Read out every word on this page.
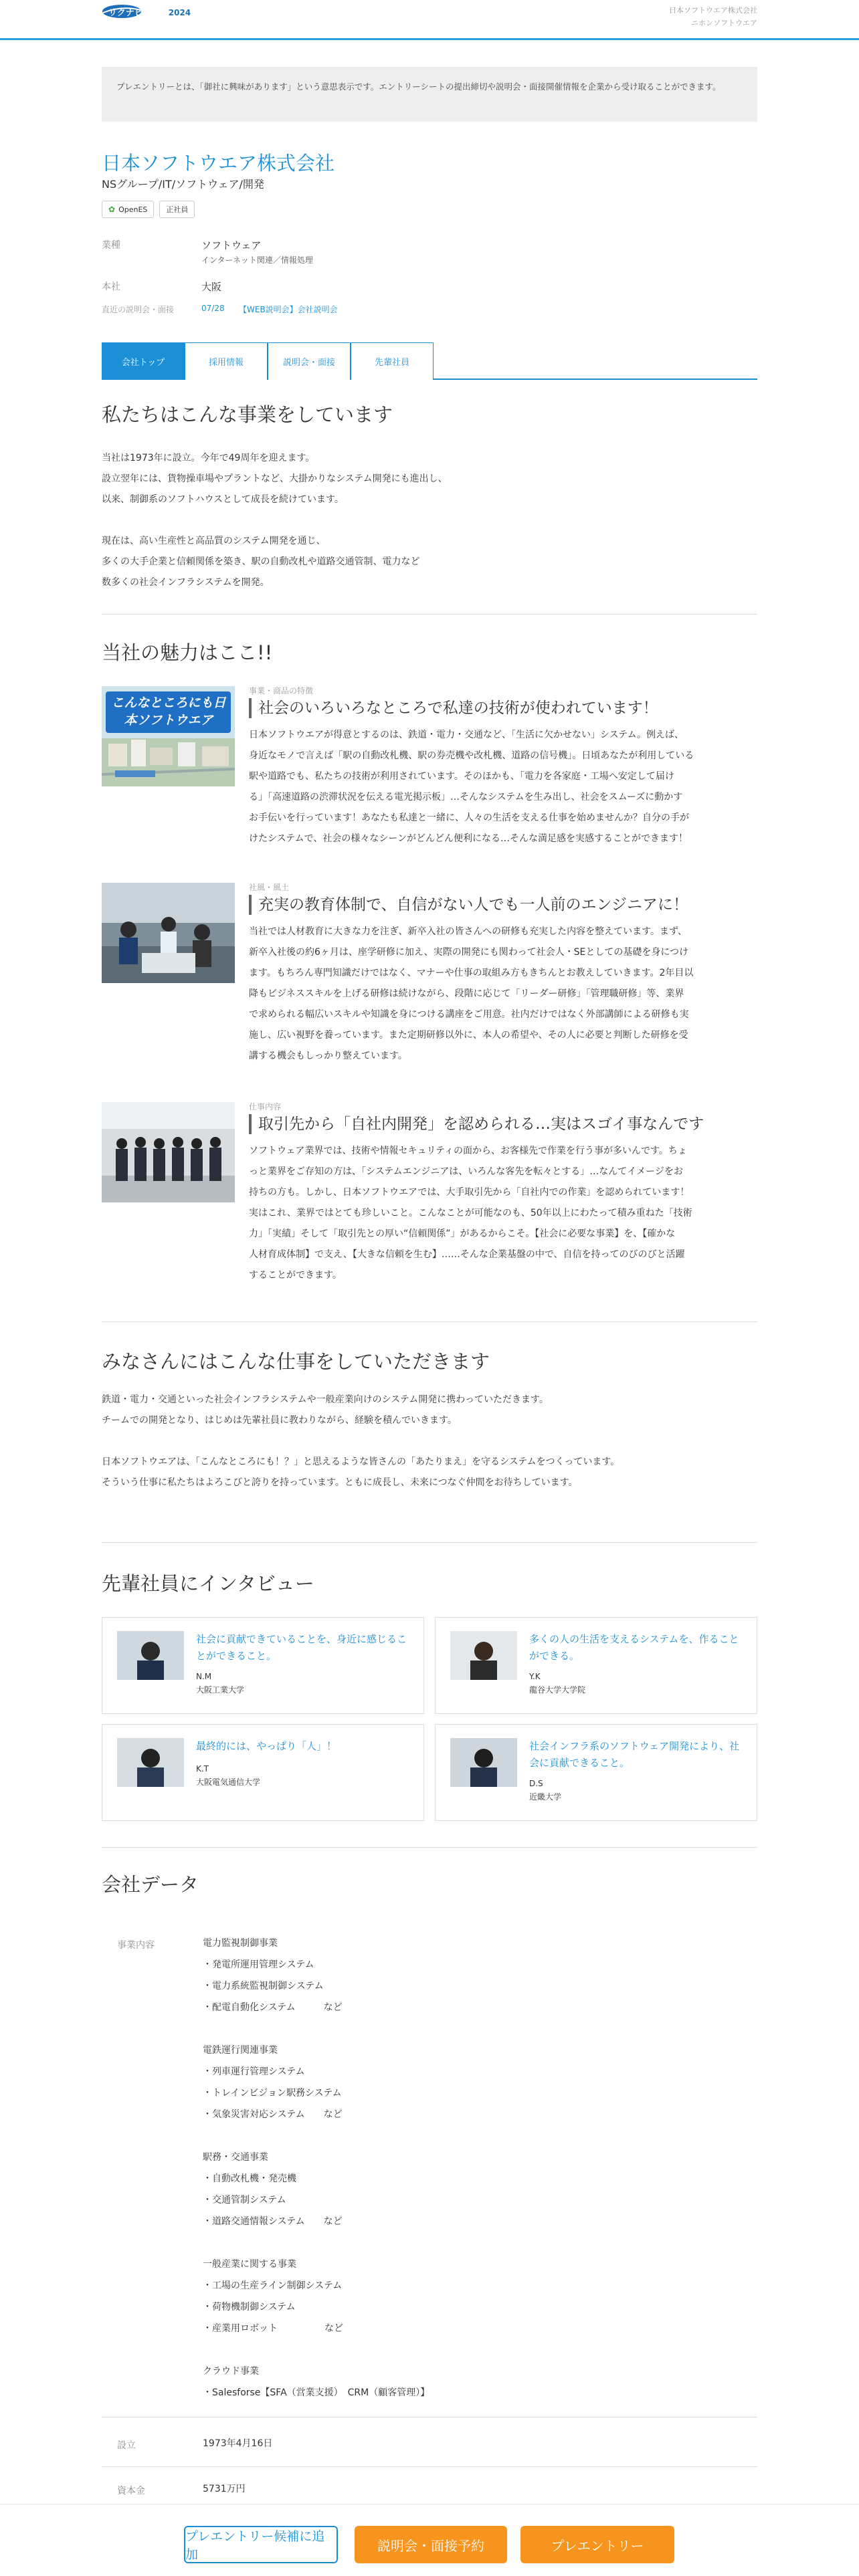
リクナビ	2024	日本ソフトウエア株式会社
ニホンソフトウエア
プレエントリーとは、「御社に興味があります」という意思表示です。エントリーシートの提出締切や説明会・面接開催情報を企業から受け取ることができます。
日本ソフトウエア株式会社
NSグループ/IT/ソフトウェア/開発
✿ OpenES	正社員
業種	ソフトウェア
インターネット関連／情報処理
本社	大阪
直近の説明会・面接	07/28 【WEB説明会】会社説明会
会社トップ	採用情報	説明会・面接	先輩社員
私たちはこんな事業をしています
当社は1973年に設立。今年で49周年を迎えます。
設立翌年には、貨物操車場やプラントなど、大掛かりなシステム開発にも進出し、
以来、制御系のソフトハウスとして成長を続けています。
現在は、高い生産性と高品質のシステム開発を通じ、
多くの大手企業と信頼関係を築き、駅の自動改札や道路交通管制、電力など
数多くの社会インフラシステムを開発。
当社の魅力はここ!!
こんなところにも日本ソフトウエア
事業・商品の特徴
社会のいろいろなところで私達の技術が使われています！
日本ソフトウエアが得意とするのは、鉄道・電力・交通など、「生活に欠かせない」システム。例えば、
身近なモノで言えば「駅の自動改札機、駅の券売機や改札機、道路の信号機」。日頃あなたが利用している
駅や道路でも、私たちの技術が利用されています。そのほかも、「電力を各家庭・工場へ安定して届け
る」「高速道路の渋滞状況を伝える電光掲示板」…そんなシステムを生み出し、社会をスムーズに動かす
お手伝いを行っています！あなたも私達と一緒に、人々の生活を支える仕事を始めませんか？自分の手が
けたシステムで、社会の様々なシーンがどんどん便利になる…そんな満足感を実感することができます！
社風・風土
充実の教育体制で、自信がない人でも一人前のエンジニアに！
当社では人材教育に大きな力を注ぎ、新卒入社の皆さんへの研修も充実した内容を整えています。まず、
新卒入社後の約6ヶ月は、座学研修に加え、実際の開発にも関わって社会人・SEとしての基礎を身につけ
ます。もちろん専門知識だけではなく、マナーや仕事の取組み方もきちんとお教えしていきます。2年目以
降もビジネススキルを上げる研修は続けながら、段階に応じて「リーダー研修」「管理職研修」等、業界
で求められる幅広いスキルや知識を身につける講座をご用意。社内だけではなく外部講師による研修も実
施し、広い視野を養っています。また定期研修以外に、本人の希望や、その人に必要と判断した研修を受
講する機会もしっかり整えています。
仕事内容
取引先から「自社内開発」を認められる…実はスゴイ事なんです
ソフトウェア業界では、技術や情報セキュリティの面から、お客様先で作業を行う事が多いんです。ちょ
っと業界をご存知の方は、「システムエンジニアは、いろんな客先を転々とする」…なんてイメージをお
持ちの方も。しかし、日本ソフトウエアでは、大手取引先から「自社内での作業」を認められています！
実はこれ、業界ではとても珍しいこと。こんなことが可能なのも、50年以上にわたって積み重ねた「技術
力」「実績」そして「取引先との厚い“信頼関係”」があるからこそ。【社会に必要な事業】を、【確かな
人材育成体制】で支え、【大きな信頼を生む】……そんな企業基盤の中で、自信を持ってのびのびと活躍
することができます。
みなさんにはこんな仕事をしていただきます
鉄道・電力・交通といった社会インフラシステムや一般産業向けのシステム開発に携わっていただきます。
チームでの開発となり、はじめは先輩社員に教わりながら、経験を積んでいきます。
日本ソフトウエアは、「こんなところにも！？」と思えるような皆さんの「あたりまえ」を守るシステムをつくっています。
そういう仕事に私たちはよろこびと誇りを持っています。ともに成長し、未来につなぐ仲間をお待ちしています。
先輩社員にインタビュー
社会に貢献できていることを、身近に感じることができること。
N.M
大阪工業大学
多くの人の生活を支えるシステムを、作ることができる。
Y.K
龍谷大学大学院
最終的には、やっぱり「人」！
K.T
大阪電気通信大学
社会インフラ系のソフトウェア開発により、社会に貢献できること。
D.S
近畿大学
会社データ
事業内容	電力監視制御事業
・発電所運用管理システム
・電力系統監視制御システム
・配電自動化システム　　　など
電鉄運行関連事業
・列車運行管理システム
・トレインビジョン駅務システム
・気象災害対応システム　　など
駅務・交通事業
・自動改札機・発売機
・交通管制システム
・道路交通情報システム　　など
一般産業に関する事業
・工場の生産ライン制御システム
・荷物機制御システム
・産業用ロボット　　　　　など
クラウド事業
・Salesforse【SFA（営業支援）　CRM（顧客管理）】
設立	1973年4月16日
資本金	5731万円
プレエントリー候補に追加
説明会・面接予約	プレエントリー
